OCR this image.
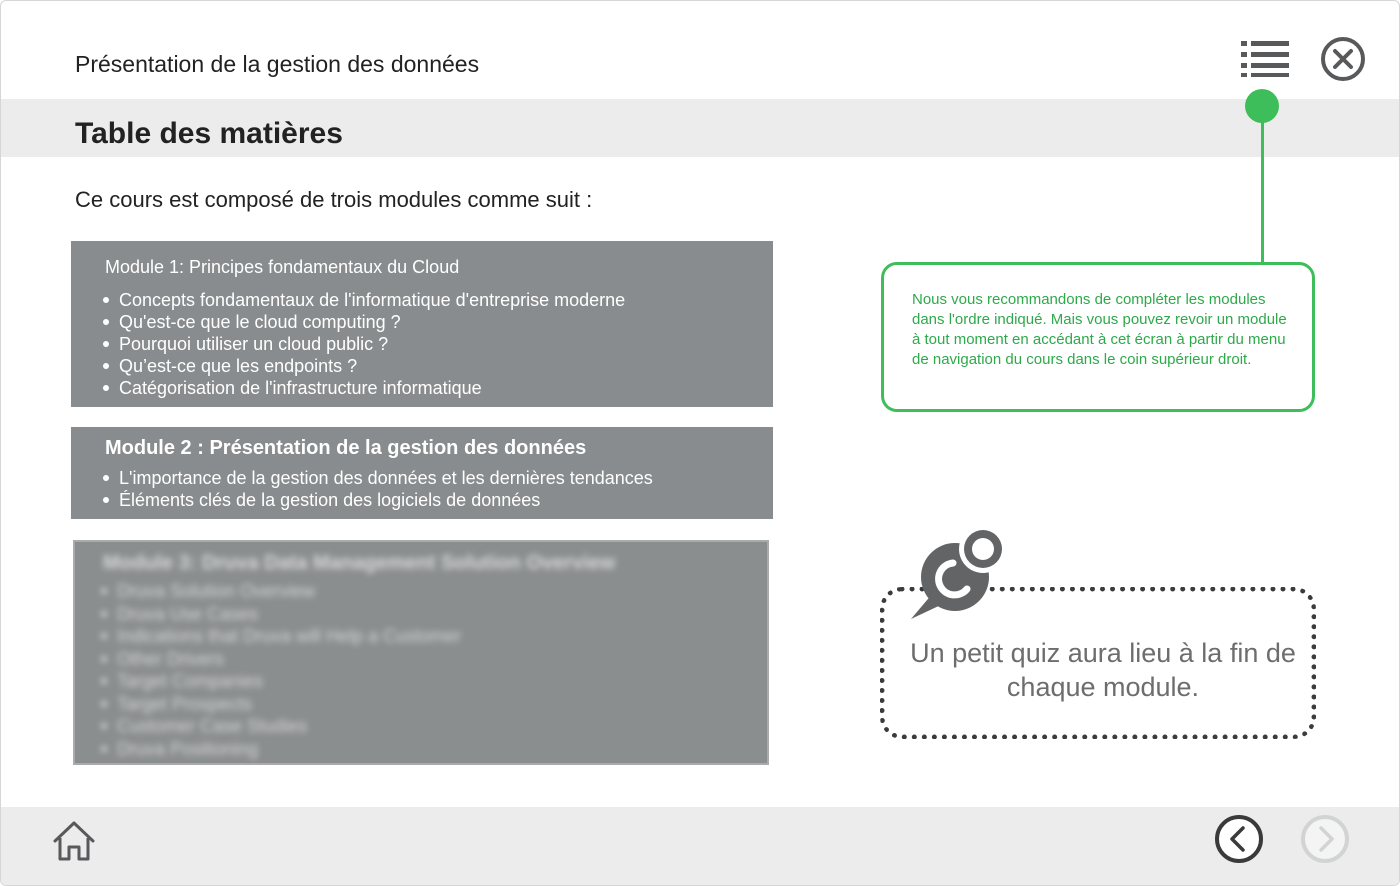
Présentation de la gestion des données
Table des matières
Ce cours est composé de trois modules comme suit :
Module 1: Principes fondamentaux du Cloud
Concepts fondamentaux de l'informatique d'entreprise moderne
Qu'est-ce que le cloud computing ?
Pourquoi utiliser un cloud public ?
Qu’est-ce que les endpoints ?
Catégorisation de l'infrastructure informatique
Module 2 : Présentation de la gestion des données
L'importance de la gestion des données et les dernières tendances
Éléments clés de la gestion des logiciels de données
Module 3: Druva Data Management Solution Overview
Druva Solution Overview
Druva Use Cases
Indications that Druva will Help a Customer
Other Drivers
Target Companies
Target Prospects
Customer Case Studies
Druva Positioning
Nous vous recommandons de compléter les modules dans l'ordre indiqué. Mais vous pouvez revoir un module à tout moment en accédant à cet écran à partir du menu de navigation du cours dans le coin supérieur droit.
Un petit quiz aura lieu à la fin de chaque module.
